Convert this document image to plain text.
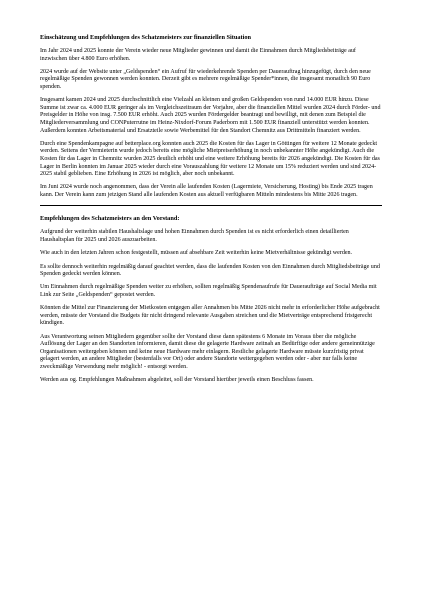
Einschätzung und Empfehlungen des Schatzmeisters zur finanziellen Situation

Im Jahr 2024 und 2025 konnte der Verein wieder neue Mitglieder gewinnen und damit die Einnahmen durch Mitgliedsbeiträge auf inzwischen über 4.800 Euro erhöhen.

2024 wurde auf der Website unter „Geldspenden“ ein Aufruf für wiederkehrende Spenden per Dauerauftrag hinzugefügt, durch den neue regelmäßige Spenden gewonnen werden konnten. Derzeit gibt es mehrere regelmäßige Spender*innen, die insgesamt monatlich 90 Euro spenden.

Insgesamt kamen 2024 und 2025 durchschnittlich eine Vielzahl an kleinen und großen Geldspenden von rund 14.000 EUR hinzu. Diese Summe ist zwar ca. 4.000 EUR geringer als im Vergleichszeitraum der Vorjahre, aber die finanziellen Mittel wurden 2024 durch Förder- und Preisgelder in Höhe von insg. 7.500 EUR erhöht. Auch 2025 wurden Fördergelder beantragt und bewilligt, mit denen zum Beispiel die Mitgliederversammlung und CONPuterrutne im Heinz-Nixdorf-Forum Paderborn mit 1.500 EUR finanziell unterstützt werden konnten. Außerdem konnten Arbeitsmaterial und Ersatzteile sowie Werbemittel für den Standort Chemnitz aus Drittmitteln finanziert werden.

Durch eine Spendenkampagne auf betterplace.org konnten auch 2025 die Kosten für das Lager in Göttingen für weitere 12 Monate gedeckt werden. Seitens der Vermieterin wurde jedoch bereits eine mögliche Mietpreiserhöhung in noch unbekannter Höhe angekündigt. Auch die Kosten für das Lager in Chemnitz wurden 2025 deutlich erhöht und eine weitere Erhöhung bereits für 2026 angekündigt. Die Kosten für das Lager in Berlin konnten im Januar 2025 wieder durch eine Vorauszahlung für weitere 12 Monate um 15% reduziert werden und sind 2024-2025 stabil geblieben. Eine Erhöhung in 2026 ist möglich, aber noch unbekannt.

Im Juni 2024 wurde noch angenommen, dass der Verein alle laufenden Kosten (Lagermiete, Versicherung, Hosting) bis Ende 2025 tragen kann. Der Verein kann zum jetzigen Stand alle laufenden Kosten aus aktuell verfügbaren Mitteln mindestens bis Mitte 2026 tragen.

Empfehlungen des Schatzmeisters an den Vorstand:

Aufgrund der weiterhin stabilen Haushaltslage und hohen Einnahmen durch Spenden ist es nicht erforderlich einen detaillierten Haushaltsplan für 2025 und 2026 auszuarbeiten.

Wie auch in den letzten Jahren schon festgestellt, müssen auf absehbare Zeit weiterhin keine Mietverhältnisse gekündigt werden.

Es sollte dennoch weiterhin regelmäßig darauf geachtet werden, dass die laufenden Kosten von den Einnahmen durch Mitgliedsbeiträge und Spenden gedeckt werden können.

Um Einnahmen durch regelmäßige Spenden weiter zu erhöhen, sollten regelmäßig Spendenaufrufe für Daueraufträge auf Social Media mit Link zur Seite „Geldspenden“ gepostet werden.

Könnten die Mittel zur Finanzierung der Mietkosten entgegen aller Annahmen bis Mitte 2026 nicht mehr in erforderlicher Höhe aufgebracht werden, müsste der Vorstand die Budgets für nicht dringend relevante Ausgaben streichen und die Mietverträge entsprechend fristgerecht kündigen.

Aus Verantwortung seinen Mitgliedern gegenüber sollte der Vorstand diese dann spätestens 6 Monate im Voraus über die mögliche Auflösung der Lager an den Standorten informieren, damit diese die gelagerte Hardware zeitnah an Bedürftige oder andere gemeinnützige Organisationen weitergeben können und keine neue Hardware mehr einlagern. Restliche gelagerte Hardware müsste kurzfristig privat gelagert werden, an andere Mitglieder (bestenfalls vor Ort) oder andere Standorte weitergegeben werden oder - aber nur falls keine zweckmäßige Verwendung mehr möglich! - entsorgt werden.

Werden aus og. Empfehlungen Maßnahmen abgeleitet, soll der Vorstand hierüber jeweils einen Beschluss fassen.
